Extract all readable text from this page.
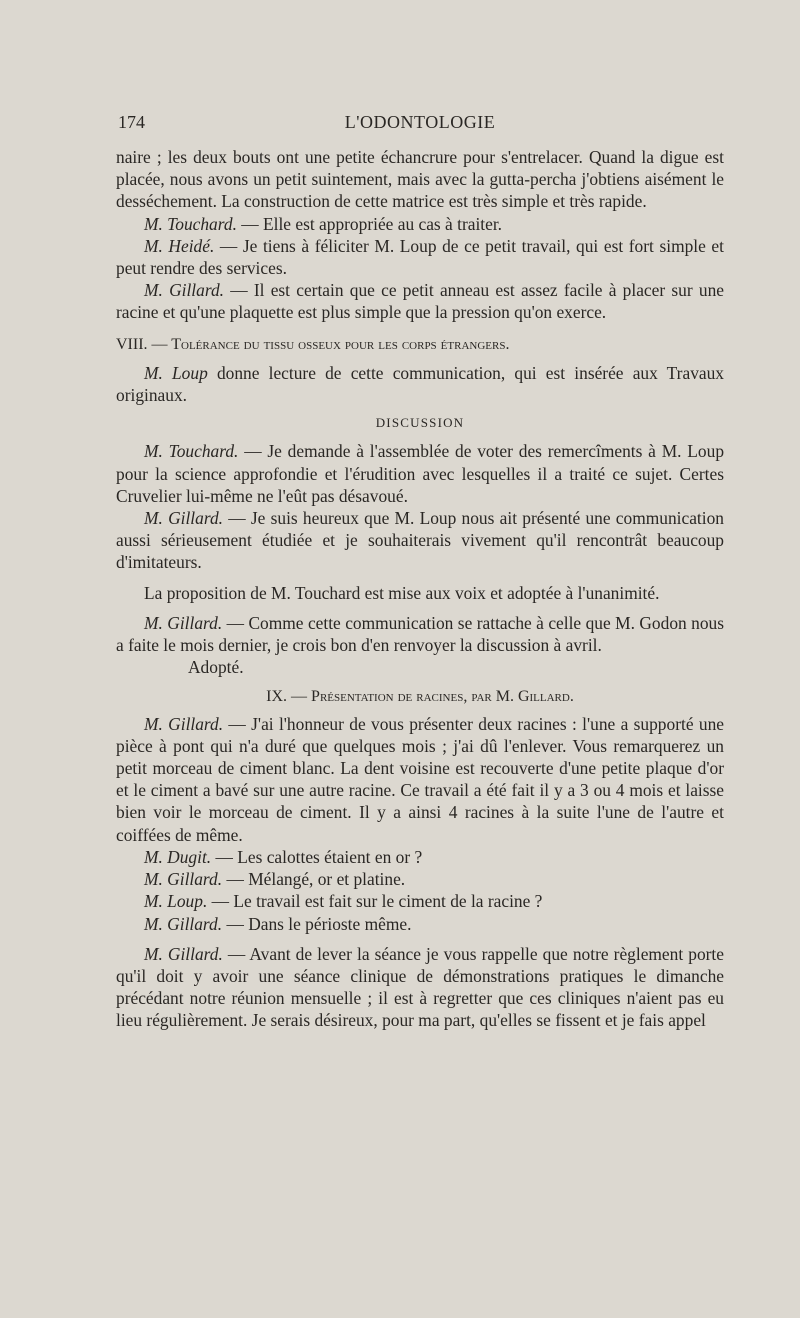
174	L'ODONTOLOGIE

naire ; les deux bouts ont une petite échancrure pour s'entrelacer. Quand la digue est placée, nous avons un petit suintement, mais avec la gutta-percha j'obtiens aisément le desséchement. La construction de cette matrice est très simple et très rapide.

M. Touchard. — Elle est appropriée au cas à traiter.

M. Heidé. — Je tiens à féliciter M. Loup de ce petit travail, qui est fort simple et peut rendre des services.

M. Gillard. — Il est certain que ce petit anneau est assez facile à placer sur une racine et qu'une plaquette est plus simple que la pression qu'on exerce.

VIII. — Tolérance du tissu osseux pour les corps étrangers.

M. Loup donne lecture de cette communication, qui est insérée aux Travaux originaux.

DISCUSSION

M. Touchard. — Je demande à l'assemblée de voter des remercîments à M. Loup pour la science approfondie et l'érudition avec lesquelles il a traité ce sujet. Certes Cruvelier lui-même ne l'eût pas désavoué.

M. Gillard. — Je suis heureux que M. Loup nous ait présenté une communication aussi sérieusement étudiée et je souhaiterais vivement qu'il rencontrât beaucoup d'imitateurs.

La proposition de M. Touchard est mise aux voix et adoptée à l'unanimité.

M. Gillard. — Comme cette communication se rattache à celle que M. Godon nous a faite le mois dernier, je crois bon d'en renvoyer la discussion à avril.

Adopté.

IX. — Présentation de racines, par M. Gillard.

M. Gillard. — J'ai l'honneur de vous présenter deux racines : l'une a supporté une pièce à pont qui n'a duré que quelques mois ; j'ai dû l'enlever. Vous remarquerez un petit morceau de ciment blanc. La dent voisine est recouverte d'une petite plaque d'or et le ciment a bavé sur une autre racine. Ce travail a été fait il y a 3 ou 4 mois et laisse bien voir le morceau de ciment. Il y a ainsi 4 racines à la suite l'une de l'autre et coiffées de même.

M. Dugit. — Les calottes étaient en or ?

M. Gillard. — Mélangé, or et platine.

M. Loup. — Le travail est fait sur le ciment de la racine ?

M. Gillard. — Dans le périoste même.

M. Gillard. — Avant de lever la séance je vous rappelle que notre règlement porte qu'il doit y avoir une séance clinique de démonstrations pratiques le dimanche précédant notre réunion mensuelle ; il est à regretter que ces cliniques n'aient pas eu lieu régulièrement. Je serais désireux, pour ma part, qu'elles se fissent et je fais appel
